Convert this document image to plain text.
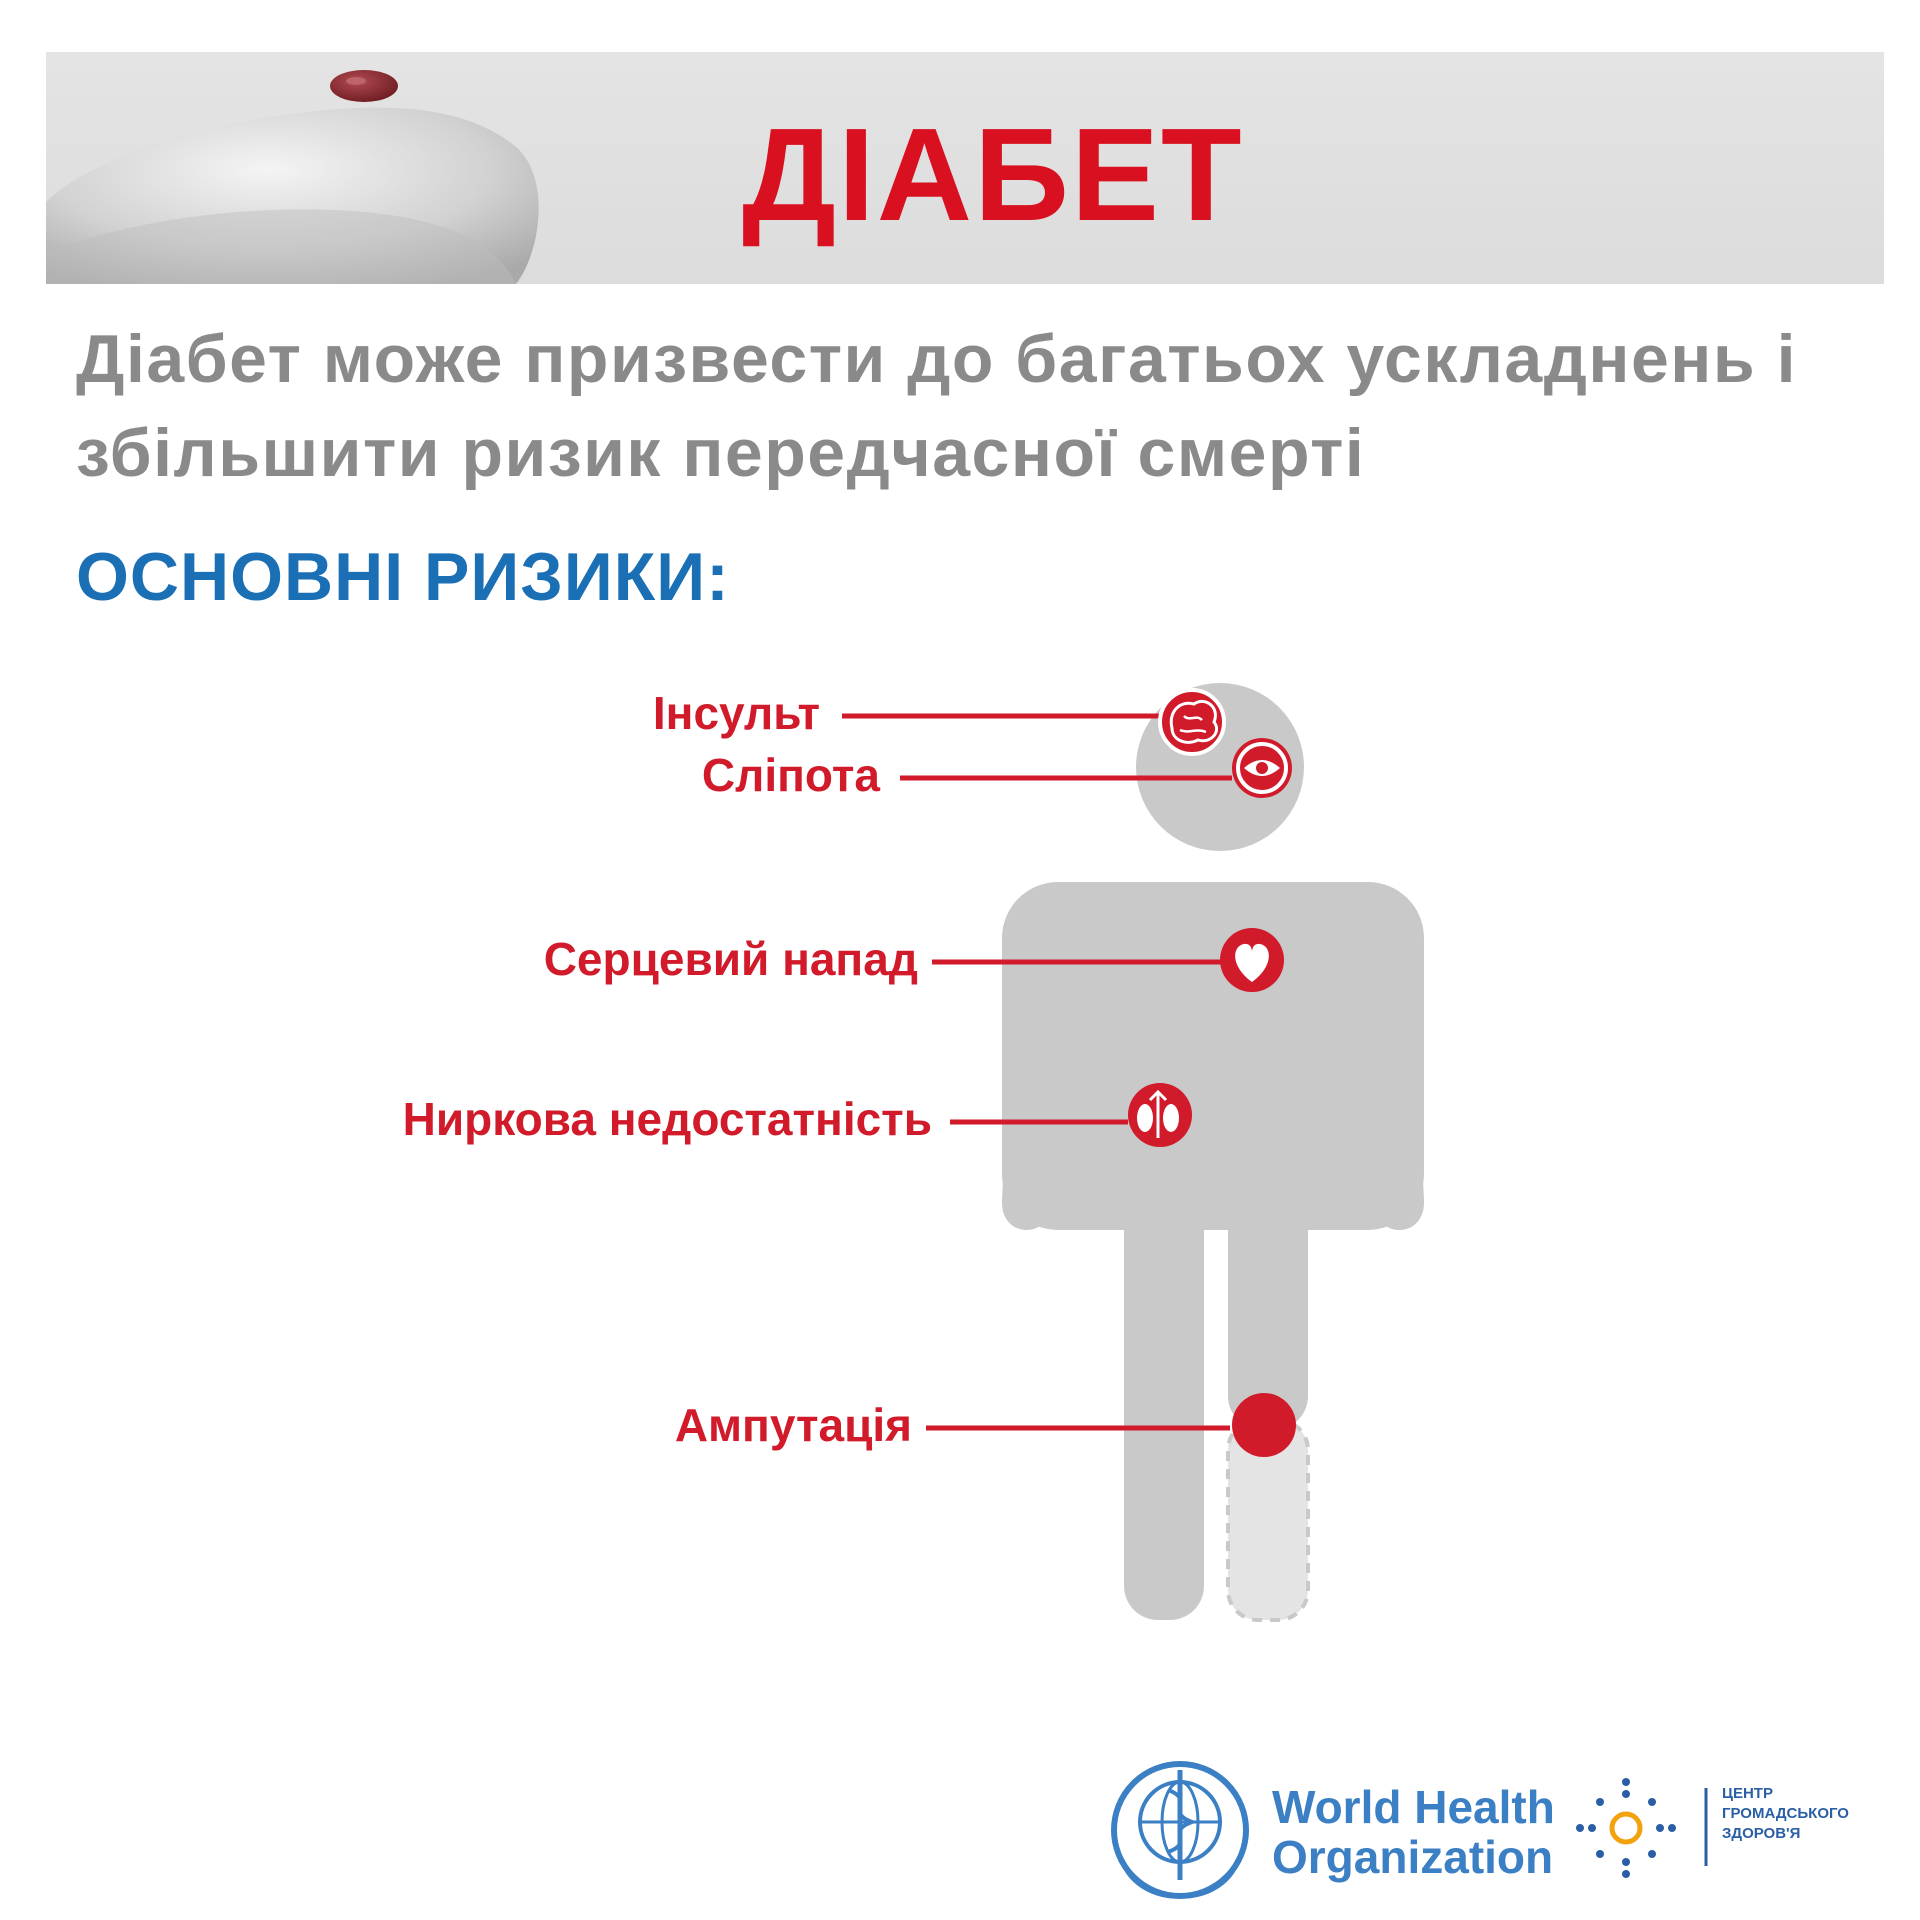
ДІАБЕТ
Діабет може призвести до багатьох ускладнень і збільшити ризик передчасної смерті
ОСНОВНІ РИЗИКИ:
Інсульт
Сліпота
Серцевий напад
Ниркова недостатність
Ампутація
World Health
Organization
ЦЕНТР
ГРОМАДСЬКОГО
ЗДОРОВ'Я
